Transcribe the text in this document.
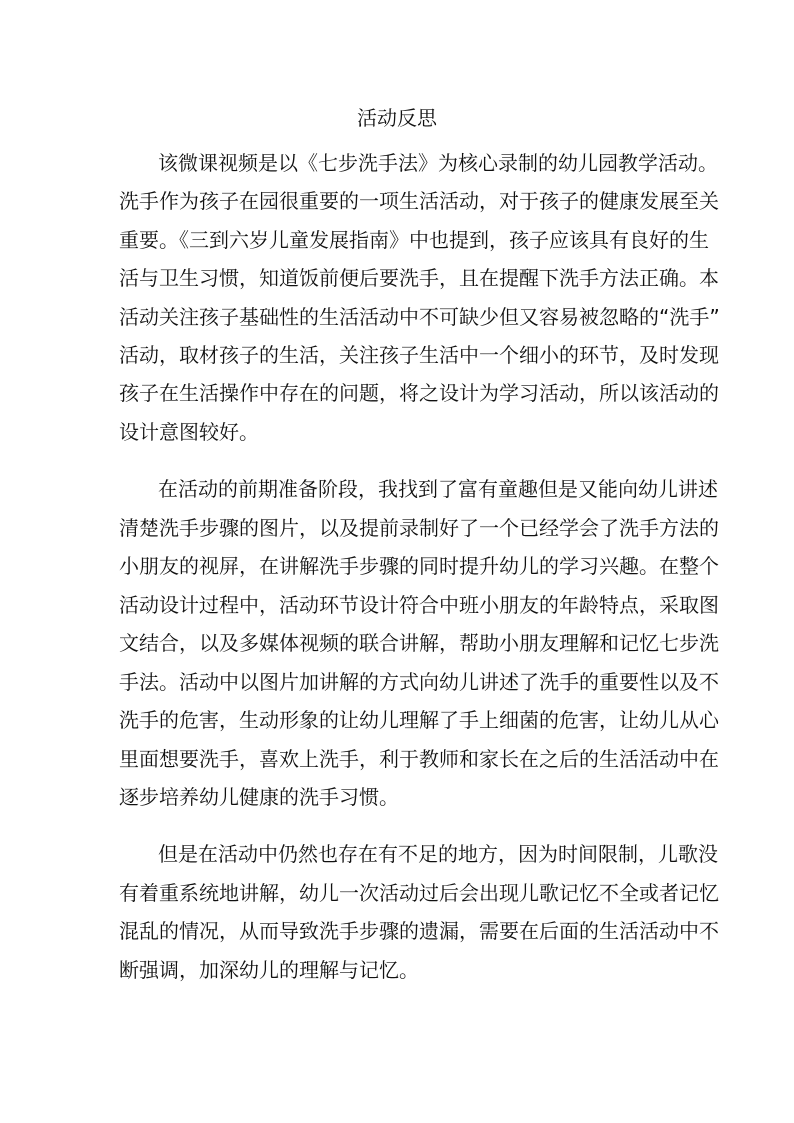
活动反思
该微课视频是以《七步洗手法》为核心录制的幼儿园教学活动。
洗手作为孩子在园很重要的一项生活活动，对于孩子的健康发展至关
重要。《三到六岁儿童发展指南》中也提到，孩子应该具有良好的生
活与卫生习惯，知道饭前便后要洗手，且在提醒下洗手方法正确。本
活动关注孩子基础性的生活活动中不可缺少但又容易被忽略的“洗手”
活动，取材孩子的生活，关注孩子生活中一个细小的环节，及时发现
孩子在生活操作中存在的问题，将之设计为学习活动，所以该活动的
设计意图较好。
在活动的前期准备阶段，我找到了富有童趣但是又能向幼儿讲述
清楚洗手步骤的图片，以及提前录制好了一个已经学会了洗手方法的
小朋友的视屏，在讲解洗手步骤的同时提升幼儿的学习兴趣。在整个
活动设计过程中，活动环节设计符合中班小朋友的年龄特点，采取图
文结合，以及多媒体视频的联合讲解，帮助小朋友理解和记忆七步洗
手法。活动中以图片加讲解的方式向幼儿讲述了洗手的重要性以及不
洗手的危害，生动形象的让幼儿理解了手上细菌的危害，让幼儿从心
里面想要洗手，喜欢上洗手，利于教师和家长在之后的生活活动中在
逐步培养幼儿健康的洗手习惯。
但是在活动中仍然也存在有不足的地方，因为时间限制，儿歌没
有着重系统地讲解，幼儿一次活动过后会出现儿歌记忆不全或者记忆
混乱的情况，从而导致洗手步骤的遗漏，需要在后面的生活活动中不
断强调，加深幼儿的理解与记忆。
